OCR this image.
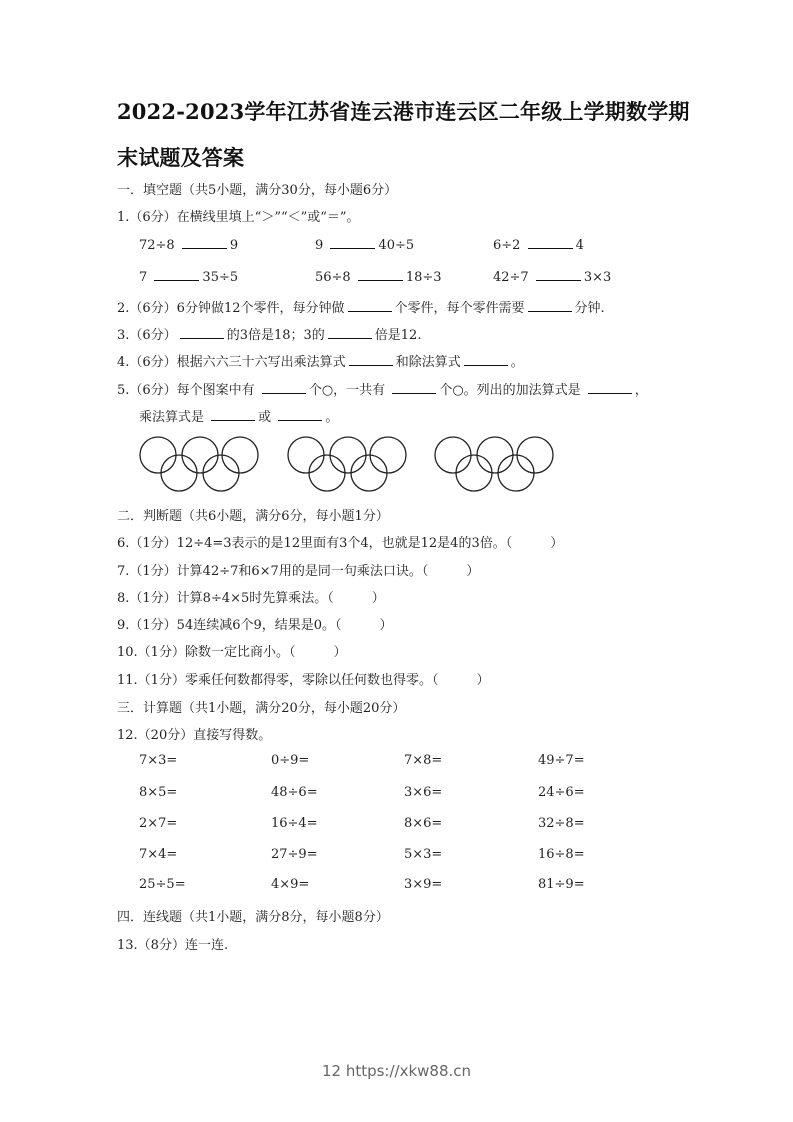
2022-2023学年江苏省连云港市连云区二年级上学期数学期
末试题及答案
一．填空题（共5小题，满分30分，每小题6分）
1.（6分）在横线里填上“＞”“＜”或“＝”。
72÷8	9	9	40÷5	6÷2	4
7	35÷5	56÷8	18÷3	42÷7	3×3
2.（6分）6分钟做12个零件，每分钟做	个零件，每个零件需要	分钟.
3.（6分）	的3倍是18；3的	倍是12.
4.（6分）根据六六三十六写出乘法算式	和除法算式	。
5.（6分）每个图案中有	个○，一共有	个○。列出的加法算式是	，
乘法算式是	或	。
二．判断题（共6小题，满分6分，每小题1分）
6.（1分）12÷4=3表示的是12里面有3个4，也就是12是4的3倍。（	）
7.（1分）计算42÷7和6×7用的是同一句乘法口诀。（	）
8.（1分）计算8÷4×5时先算乘法。（	）
9.（1分）54连续减6个9，结果是0。（	）
10.（1分）除数一定比商小。（	）
11.（1分）零乘任何数都得零，零除以任何数也得零。（	）
三．计算题（共1小题，满分20分，每小题20分）
12.（20分）直接写得数。
7×3=	0÷9=	7×8=	49÷7=
8×5=	48÷6=	3×6=	24÷6=
2×7=	16÷4=	8×6=	32÷8=
7×4=	27÷9=	5×3=	16÷8=
25÷5=	4×9=	3×9=	81÷9=
四．连线题（共1小题，满分8分，每小题8分）
13.（8分）连一连.
12 https://xkw88.cn
